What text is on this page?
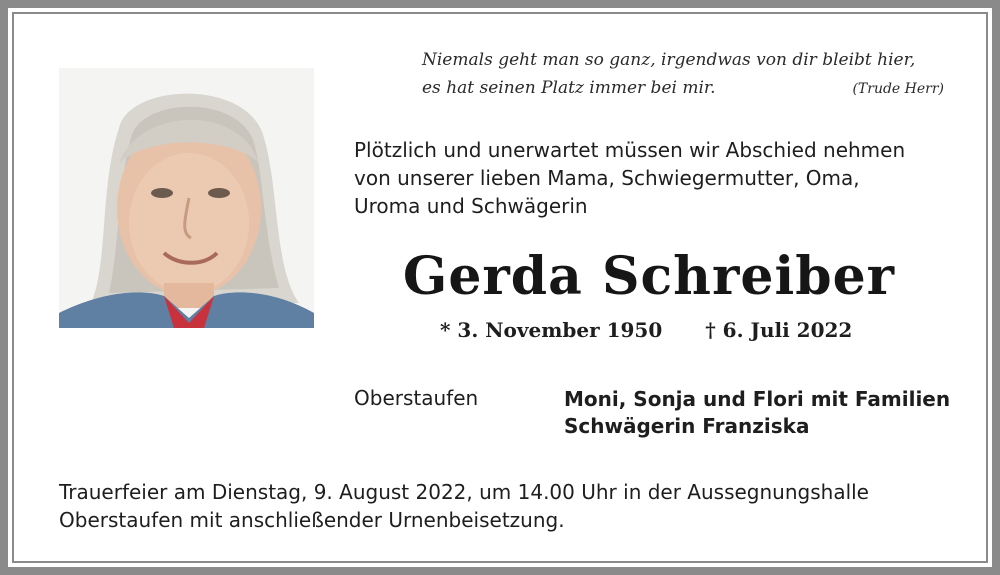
Niemals geht man so ganz, irgendwas von dir bleibt hier,
es hat seinen Platz immer bei mir.	(Trude Herr)
Plötzlich und unerwartet müssen wir Abschied nehmen
von unserer lieben Mama, Schwiegermutter, Oma,
Uroma und Schwägerin
Gerda Schreiber
* 3. November 1950 † 6. Juli 2022
Oberstaufen	Moni, Sonja und Flori mit Familien
Schwägerin Franziska
Trauerfeier am Dienstag, 9. August 2022, um 14.00 Uhr in der Aussegnungshalle
Oberstaufen mit anschließender Urnenbeisetzung.
